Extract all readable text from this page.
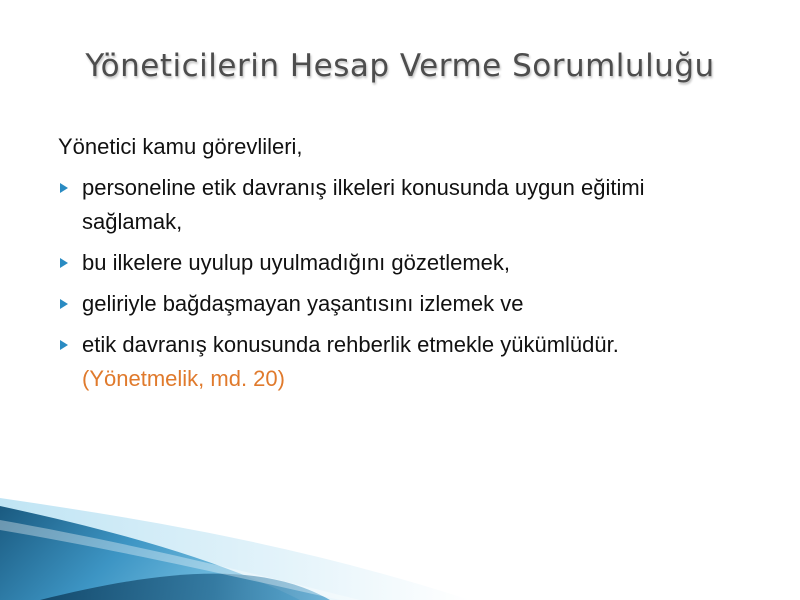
Yöneticilerin Hesap Verme Sorumluluğu

Yönetici kamu görevlileri,

personeline etik davranış ilkeleri konusunda uygun eğitimi sağlamak,
bu ilkelere uyulup uyulmadığını gözetlemek,
geliriyle bağdaşmayan yaşantısını izlemek ve
etik davranış konusunda rehberlik etmekle yükümlüdür.
(Yönetmelik, md. 20)
